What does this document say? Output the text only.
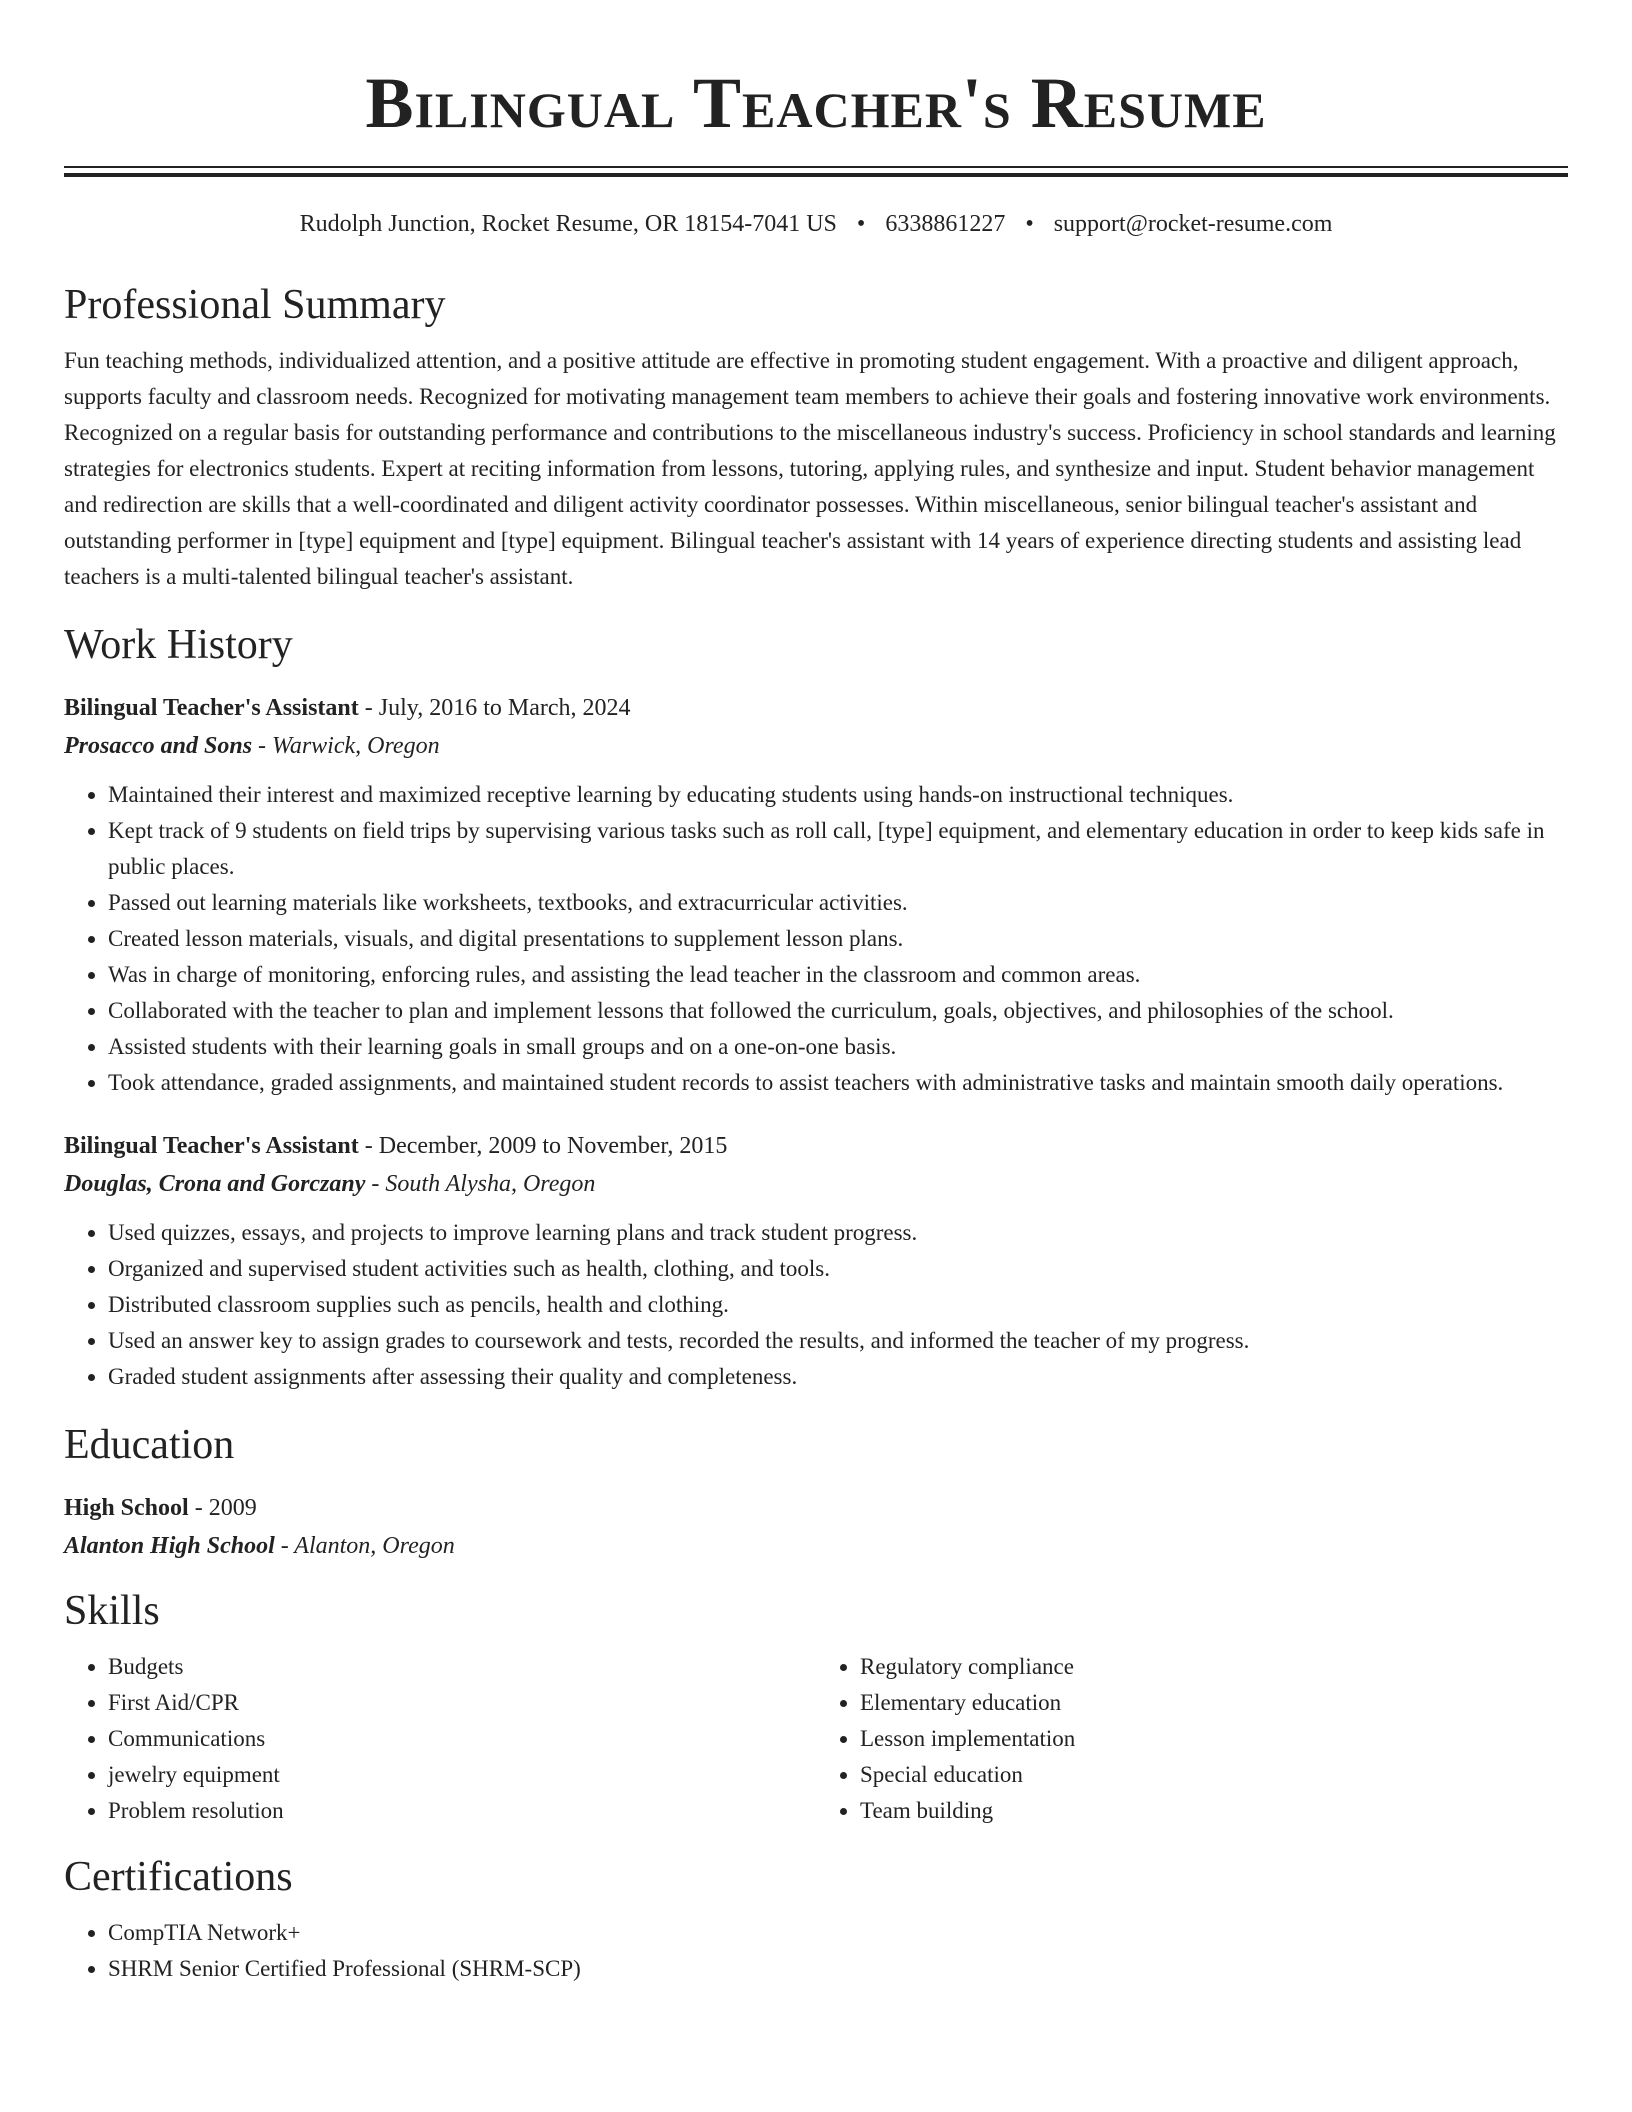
Bilingual Teacher's Resume
Rudolph Junction, Rocket Resume, OR 18154-7041 US • 6338861227 • support@rocket-resume.com
Professional Summary

Fun teaching methods, individualized attention, and a positive attitude are effective in promoting student engagement. With a proactive and diligent approach, supports faculty and classroom needs. Recognized for motivating management team members to achieve their goals and fostering innovative work environments. Recognized on a regular basis for outstanding performance and contributions to the miscellaneous industry's success. Proficiency in school standards and learning strategies for electronics students. Expert at reciting information from lessons, tutoring, applying rules, and synthesize and input. Student behavior management and redirection are skills that a well-coordinated and diligent activity coordinator possesses. Within miscellaneous, senior bilingual teacher's assistant and outstanding performer in [type] equipment and [type] equipment. Bilingual teacher's assistant with 14 years of experience directing students and assisting lead teachers is a multi-talented bilingual teacher's assistant.

Work History

Bilingual Teacher's Assistant - July, 2016 to March, 2024

Prosacco and Sons - Warwick, Oregon

• Maintained their interest and maximized receptive learning by educating students using hands-on instructional techniques.
• Kept track of 9 students on field trips by supervising various tasks such as roll call, [type] equipment, and elementary education in order to keep kids safe in public places.
• Passed out learning materials like worksheets, textbooks, and extracurricular activities.
• Created lesson materials, visuals, and digital presentations to supplement lesson plans.
• Was in charge of monitoring, enforcing rules, and assisting the lead teacher in the classroom and common areas.
• Collaborated with the teacher to plan and implement lessons that followed the curriculum, goals, objectives, and philosophies of the school.
• Assisted students with their learning goals in small groups and on a one-on-one basis.
• Took attendance, graded assignments, and maintained student records to assist teachers with administrative tasks and maintain smooth daily operations.

Bilingual Teacher's Assistant - December, 2009 to November, 2015

Douglas, Crona and Gorczany - South Alysha, Oregon

• Used quizzes, essays, and projects to improve learning plans and track student progress.
• Organized and supervised student activities such as health, clothing, and tools.
• Distributed classroom supplies such as pencils, health and clothing.
• Used an answer key to assign grades to coursework and tests, recorded the results, and informed the teacher of my progress.
• Graded student assignments after assessing their quality and completeness.
Education

High School - 2009

Alanton High School - Alanton, Oregon

Skills
• Budgets
• First Aid/CPR
• Communications
• jewelry equipment
• Problem resolution
• Regulatory compliance
• Elementary education
• Lesson implementation
• Special education
• Team building
Certifications
• CompTIA Network+
• SHRM Senior Certified Professional (SHRM-SCP)
